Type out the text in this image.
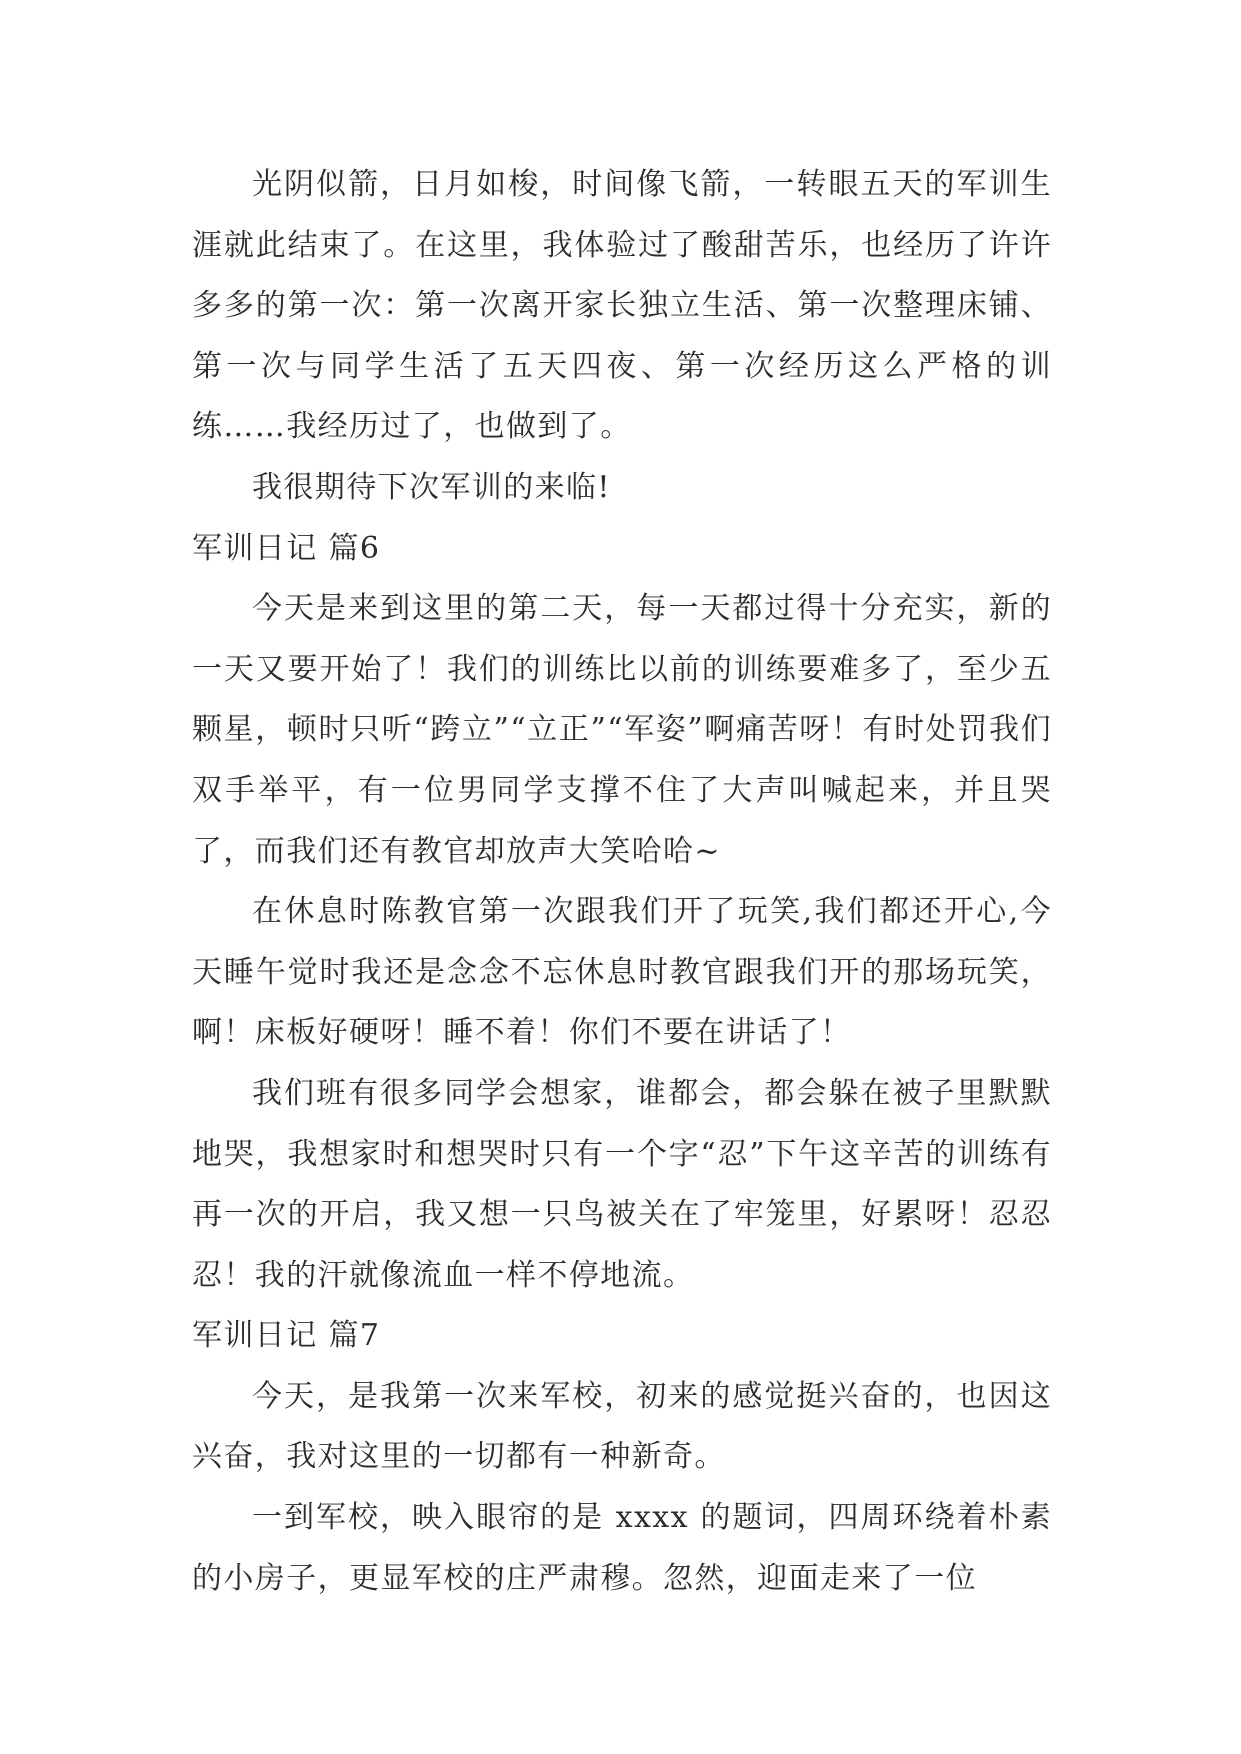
光阴似箭，日月如梭，时间像飞箭，一转眼五天的军训生涯就此结束了。在这里，我体验过了酸甜苦乐，也经历了许许多多的第一次：第一次离开家长独立生活、第一次整理床铺、第一次与同学生活了五天四夜、第一次经历这么严格的训练……我经历过了，也做到了。

我很期待下次军训的来临!

军训日记 篇6

今天是来到这里的第二天，每一天都过得十分充实，新的一天又要开始了！我们的训练比以前的训练要难多了，至少五颗星，顿时只听“跨立”“立正”“军姿”啊痛苦呀！有时处罚我们双手举平，有一位男同学支撑不住了大声叫喊起来，并且哭了，而我们还有教官却放声大笑哈哈~

在休息时陈教官第一次跟我们开了玩笑,我们都还开心,今天睡午觉时我还是念念不忘休息时教官跟我们开的那场玩笑，啊！床板好硬呀！睡不着！你们不要在讲话了！

我们班有很多同学会想家，谁都会，都会躲在被子里默默地哭，我想家时和想哭时只有一个字“忍”下午这辛苦的训练有再一次的开启，我又想一只鸟被关在了牢笼里，好累呀！忍忍忍！我的汗就像流血一样不停地流。

军训日记 篇7

今天，是我第一次来军校，初来的感觉挺兴奋的，也因这兴奋，我对这里的一切都有一种新奇。

一到军校，映入眼帘的是 xxxx 的题词，四周环绕着朴素的小房子，更显军校的庄严肃穆。忽然，迎面走来了一位
